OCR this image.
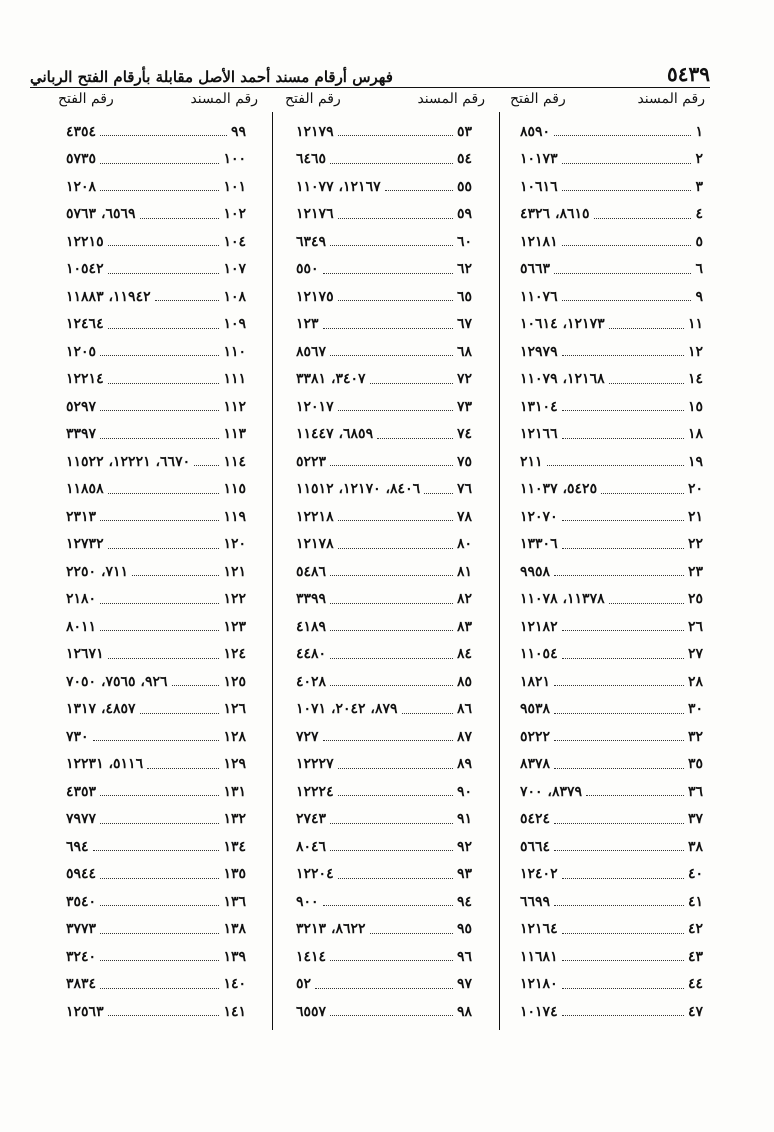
٥٤٣٩
فهرس أرقام مسند أحمد الأصل مقابلة بأرقام الفتح الرباني
رقم المسند
رقم الفتح
رقم المسند
رقم الفتح
رقم المسند
رقم الفتح
١
٨٥٩٠
٢
١٠١٧٣
٣
١٠٦١٦
٤
٨٦١٥، ٤٣٢٦
٥
١٢١٨١
٦
٥٦٦٣
٩
١١٠٧٦
١١
١٢١٧٣، ١٠٦١٤
١٢
١٢٩٧٩
١٤
١٢١٦٨، ١١٠٧٩
١٥
١٣١٠٤
١٨
١٢١٦٦
١٩
٢١١
٢٠
٥٤٢٥، ١١٠٣٧
٢١
١٢٠٧٠
٢٢
١٣٣٠٦
٢٣
٩٩٥٨
٢٥
١١٣٧٨، ١١٠٧٨
٢٦
١٢١٨٢
٢٧
١١٠٥٤
٢٨
١٨٢١
٣٠
٩٥٣٨
٣٢
٥٢٢٢
٣٥
٨٣٧٨
٣٦
٨٣٧٩، ٧٠٠
٣٧
٥٤٢٤
٣٨
٥٦٦٤
٤٠
١٢٤٠٢
٤١
٦٦٩٩
٤٢
١٢١٦٤
٤٣
١١٦٨١
٤٤
١٢١٨٠
٤٧
١٠١٧٤
٥٣
١٢١٧٩
٥٤
٦٤٦٥
٥٥
١٢١٦٧، ١١٠٧٧
٥٩
١٢١٧٦
٦٠
٦٣٤٩
٦٢
٥٥٠
٦٥
١٢١٧٥
٦٧
١٢٣
٦٨
٨٥٦٧
٧٢
٣٤٠٧، ٣٣٨١
٧٣
١٢٠١٧
٧٤
٦٨٥٩، ١١٤٤٧
٧٥
٥٢٢٣
٧٦
٨٤٠٦، ١٢١٧٠، ١١٥١٢
٧٨
١٢٢١٨
٨٠
١٢١٧٨
٨١
٥٤٨٦
٨٢
٣٣٩٩
٨٣
٤١٨٩
٨٤
٤٤٨٠
٨٥
٤٠٢٨
٨٦
٨٧٩، ٢٠٤٢، ١٠٧١
٨٧
٧٢٧
٨٩
١٢٢٢٧
٩٠
١٢٢٢٤
٩١
٢٧٤٣
٩٢
٨٠٤٦
٩٣
١٢٢٠٤
٩٤
٩٠٠
٩٥
٨٦٢٢، ٣٢١٣
٩٦
١٤١٤
٩٧
٥٢
٩٨
٦٥٥٧
٩٩
٤٣٥٤
١٠٠
٥٧٣٥
١٠١
١٢٠٨
١٠٢
٦٥٦٩، ٥٧٦٣
١٠٤
١٢٢١٥
١٠٧
١٠٥٤٢
١٠٨
١١٩٤٢، ١١٨٨٣
١٠٩
١٢٤٦٤
١١٠
١٢٠٥
١١١
١٢٢١٤
١١٢
٥٢٩٧
١١٣
٣٣٩٧
١١٤
٦٦٧٠، ١٢٢٢١، ١١٥٢٢
١١٥
١١٨٥٨
١١٩
٢٣١٣
١٢٠
١٢٧٣٢
١٢١
٧١١، ٢٢٥٠
١٢٢
٢١٨٠
١٢٣
٨٠١١
١٢٤
١٢٦٧١
١٢٥
٩٢٦، ٧٥٦٥، ٧٠٥٠
١٢٦
٤٨٥٧، ١٣١٧
١٢٨
٧٣٠
١٢٩
٥١١٦، ١٢٢٣١
١٣١
٤٣٥٣
١٣٢
٧٩٧٧
١٣٤
٦٩٤
١٣٥
٥٩٤٤
١٣٦
٣٥٤٠
١٣٨
٣٧٧٣
١٣٩
٣٢٤٠
١٤٠
٣٨٣٤
١٤١
١٢٥٦٣
